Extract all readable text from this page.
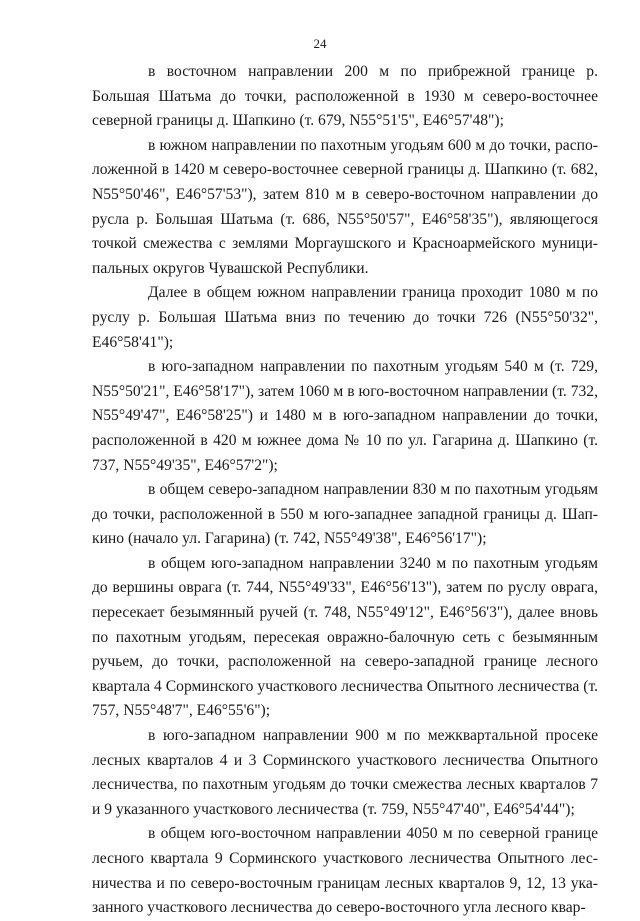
24

в восточном направлении 200 м по прибрежной границе р. Большая Шатьма до точки, расположенной в 1930 м северо-восточнее северной границы д. Шапкино (т. 679, N55°51'5", E46°57'48");

в южном направлении по пахотным угодьям 600 м до точки, расположенной в 1420 м северо-восточнее северной границы д. Шапкино (т. 682, N55°50'46", E46°57'53"), затем 810 м в северо-восточном направлении до русла р. Большая Шатьма (т. 686, N55°50'57", E46°58'35"), являющегося точкой смежества с землями Моргаушского и Красноармейского муниципальных округов Чувашской Республики.

Далее в общем южном направлении граница проходит 1080 м по руслу р. Большая Шатьма вниз по течению до точки 726 (N55°50'32", E46°58'41");

в юго-западном направлении по пахотным угодьям 540 м (т. 729, N55°50'21", E46°58'17"), затем 1060 м в юго-восточном направлении (т. 732, N55°49'47", E46°58'25") и 1480 м в юго-западном направлении до точки, расположенной в 420 м южнее дома № 10 по ул. Гагарина д. Шапкино (т. 737, N55°49'35", E46°57'2");

в общем северо-западном направлении 830 м по пахотным угодьям до точки, расположенной в 550 м юго-западнее западной границы д. Шапкино (начало ул. Гагарина) (т. 742, N55°49'38", E46°56'17");

в общем юго-западном направлении 3240 м по пахотным угодьям до вершины оврага (т. 744, N55°49'33", E46°56'13"), затем по руслу оврага, пересекает безымянный ручей (т. 748, N55°49'12", E46°56'3"), далее вновь по пахотным угодьям, пересекая овражно-балочную сеть с безымянным ручьем, до точки, расположенной на северо-западной границе лесного квартала 4 Сорминского участкового лесничества Опытного лесничества (т. 757, N55°48'7", E46°55'6");

в юго-западном направлении 900 м по межквартальной просеке лесных кварталов 4 и 3 Сорминского участкового лесничества Опытного лесничества, по пахотным угодьям до точки смежества лесных кварталов 7 и 9 указанного участкового лесничества (т. 759, N55°47'40", E46°54'44");

в общем юго-восточном направлении 4050 м по северной границе лесного квартала 9 Сорминского участкового лесничества Опытного лесничества и по северо-восточным границам лесных кварталов 9, 12, 13 указанного участкового лесничества до северо-восточного угла лесного квар-
